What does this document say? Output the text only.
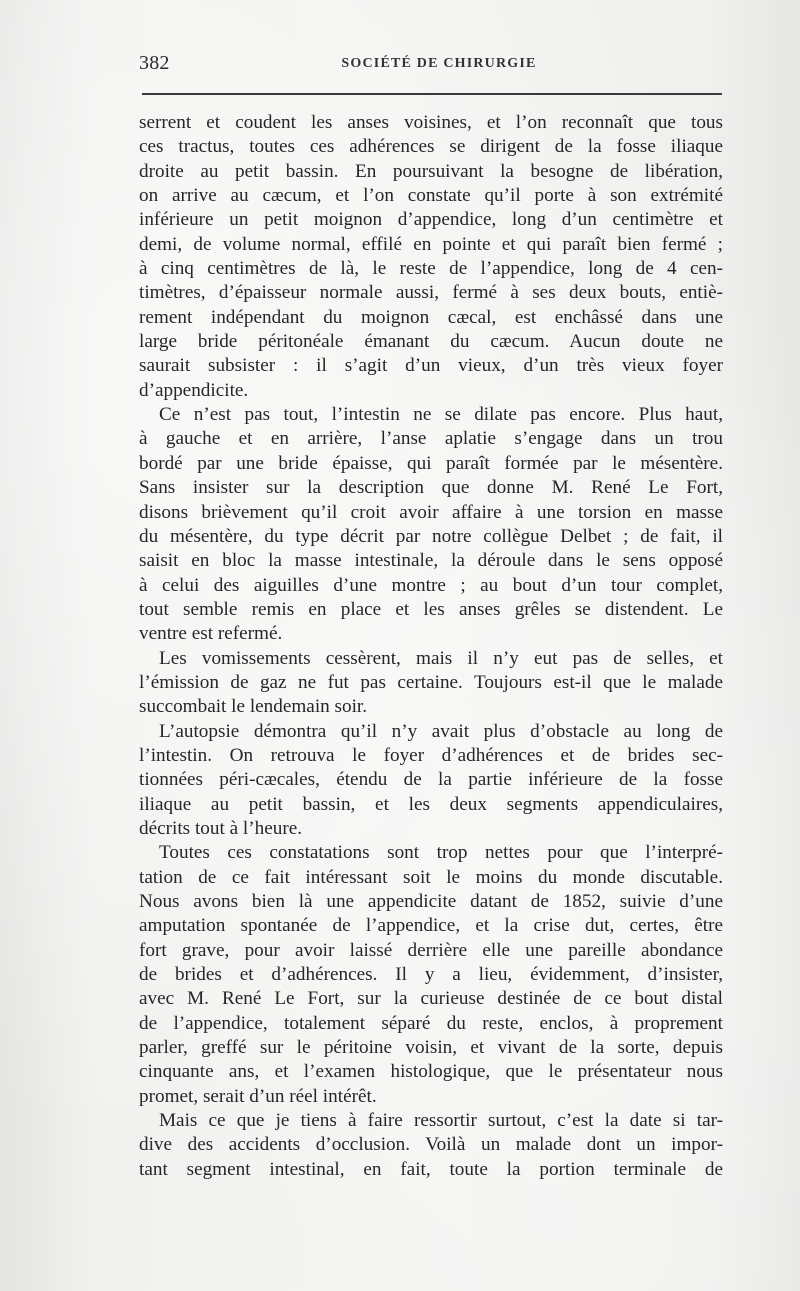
382	SOCIÉTÉ DE CHIRURGIE
serrent et coudent les anses voisines, et l’on reconnaît que tous
ces tractus, toutes ces adhérences se dirigent de la fosse iliaque
droite au petit bassin. En poursuivant la besogne de libération,
on arrive au cæcum, et l’on constate qu’il porte à son extrémité
inférieure un petit moignon d’appendice, long d’un centimètre et
demi, de volume normal, effilé en pointe et qui paraît bien fermé ;
à cinq centimètres de là, le reste de l’appendice, long de 4 cen-
timètres, d’épaisseur normale aussi, fermé à ses deux bouts, entiè-
rement indépendant du moignon cæcal, est enchâssé dans une
large bride péritonéale émanant du cæcum. Aucun doute ne
saurait subsister : il s’agit d’un vieux, d’un très vieux foyer
d’appendicite.
Ce n’est pas tout, l’intestin ne se dilate pas encore. Plus haut,
à gauche et en arrière, l’anse aplatie s’engage dans un trou
bordé par une bride épaisse, qui paraît formée par le mésentère.
Sans insister sur la description que donne M. René Le Fort,
disons brièvement qu’il croit avoir affaire à une torsion en masse
du mésentère, du type décrit par notre collègue Delbet ; de fait, il
saisit en bloc la masse intestinale, la déroule dans le sens opposé
à celui des aiguilles d’une montre ; au bout d’un tour complet,
tout semble remis en place et les anses grêles se distendent. Le
ventre est refermé.
Les vomissements cessèrent, mais il n’y eut pas de selles, et
l’émission de gaz ne fut pas certaine. Toujours est-il que le malade
succombait le lendemain soir.
L’autopsie démontra qu’il n’y avait plus d’obstacle au long de
l’intestin. On retrouva le foyer d’adhérences et de brides sec-
tionnées péri-cæcales, étendu de la partie inférieure de la fosse
iliaque au petit bassin, et les deux segments appendiculaires,
décrits tout à l’heure.
Toutes ces constatations sont trop nettes pour que l’interpré-
tation de ce fait intéressant soit le moins du monde discutable.
Nous avons bien là une appendicite datant de 1852, suivie d’une
amputation spontanée de l’appendice, et la crise dut, certes, être
fort grave, pour avoir laissé derrière elle une pareille abondance
de brides et d’adhérences. Il y a lieu, évidemment, d’insister,
avec M. René Le Fort, sur la curieuse destinée de ce bout distal
de l’appendice, totalement séparé du reste, enclos, à proprement
parler, greffé sur le péritoine voisin, et vivant de la sorte, depuis
cinquante ans, et l’examen histologique, que le présentateur nous
promet, serait d’un réel intérêt.
Mais ce que je tiens à faire ressortir surtout, c’est la date si tar-
dive des accidents d’occlusion. Voilà un malade dont un impor-
tant segment intestinal, en fait, toute la portion terminale de
